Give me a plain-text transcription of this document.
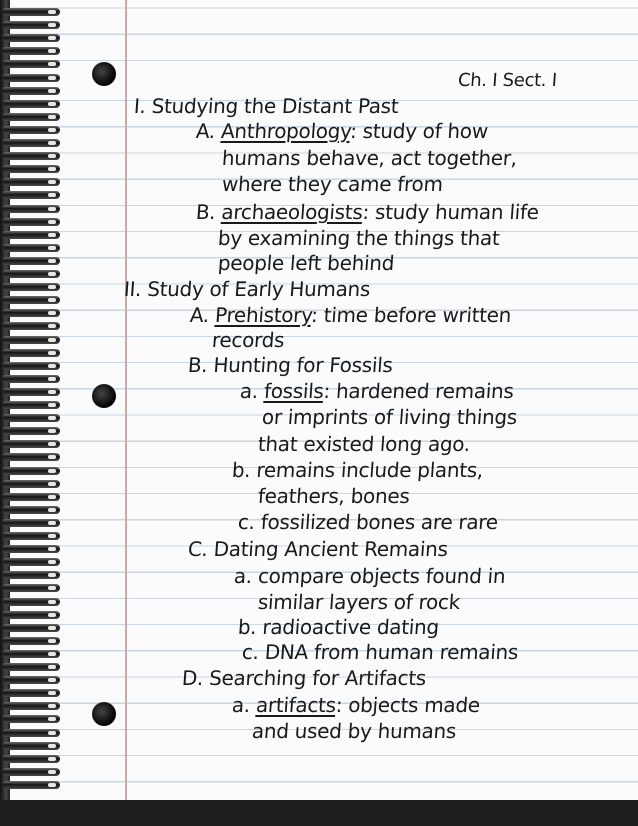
Ch. I Sect. I
I. Studying the Distant Past
A. Anthropology: study of how
humans behave, act together,
where they came from
B. archaeologists: study human life
by examining the things that
people left behind
II. Study of Early Humans
A. Prehistory: time before written
records
B. Hunting for Fossils
a. fossils: hardened remains
or imprints of living things
that existed long ago.
b. remains include plants,
feathers, bones
c. fossilized bones are rare
C. Dating Ancient Remains
a. compare objects found in
similar layers of rock
b. radioactive dating
c. DNA from human remains
D. Searching for Artifacts
a. artifacts: objects made
and used by humans
